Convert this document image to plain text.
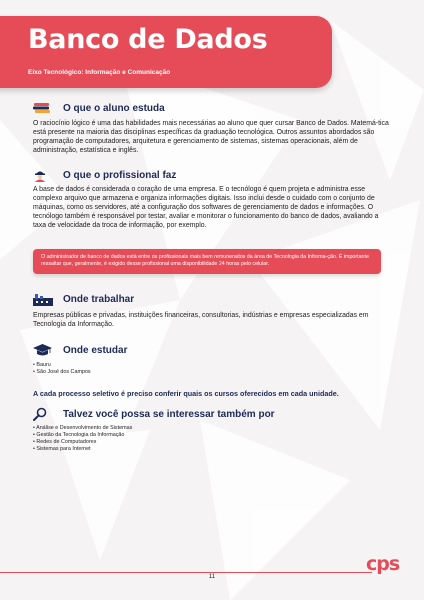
Banco de Dados
Eixo Tecnológico: Informação e Comunicação
O que o aluno estuda

O raciocínio lógico é uma das habilidades mais necessárias ao aluno que quer cursar Banco de Dados. Matemá-tica está presente na maioria das disciplinas específicas da graduação tecnológica. Outros assuntos abordados são programação de computadores, arquitetura e gerenciamento de sistemas, sistemas operacionais, além de administração, estatística e inglês.

O que o profissional faz

A base de dados é considerada o coração de uma empresa. E o tecnólogo é quem projeta e administra esse complexo arquivo que armazena e organiza informações digitais. Isso inclui desde o cuidado com o conjunto de máquinas, como os servidores, até a configuração dos softwares de gerenciamento de dados e informações. O tecnólogo também é responsável por testar, avaliar e monitorar o funcionamento do banco de dados, avaliando a taxa de velocidade da troca de informação, por exemplo.

O administrador de banco de dados está entre os profissionais mais bem remunerados da área de Tecnologia da Informa-ção. É importante ressaltar que, geralmente, é exigido desse profissional uma disponibilidade 24 horas pelo celular.

Onde trabalhar

Empresas públicas e privadas, instituições financeiras, consultorias, indústrias e empresas especializadas em Tecnologia da Informação.

Onde estudar
• Bauru
• São José dos Campos
A cada processo seletivo é preciso conferir quais os cursos oferecidos em cada unidade.
Talvez você possa se interessar também por
• Análise e Desenvolvimento de Sistemas
• Gestão da Tecnologia da Informação
• Redes de Computadores
• Sistemas para Internet
11
cps
